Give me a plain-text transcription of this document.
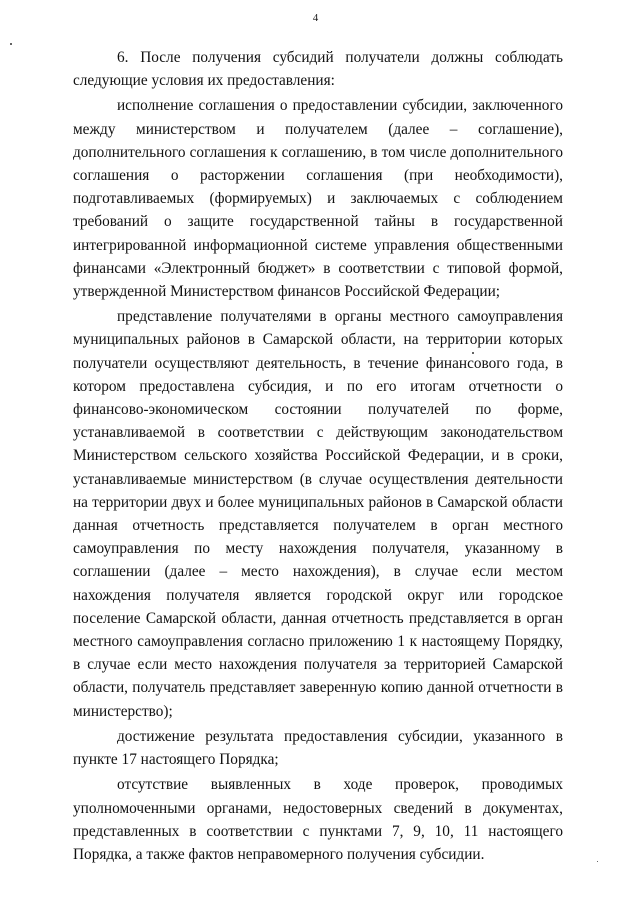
4

6. После получения субсидий получатели должны соблюдать следующие условия их предоставления:

исполнение соглашения о предоставлении субсидии, заключенного между министерством и получателем (далее – соглашение), дополнительного соглашения к соглашению, в том числе дополнительного соглашения о расторжении соглашения (при необходимости), подготавливаемых (формируемых) и заключаемых с соблюдением требований о защите государственной тайны в государственной интегрированной информационной системе управления общественными финансами «Электронный бюджет» в соответствии с типовой формой, утвержденной Министерством финансов Российской Федерации;

представление получателями в органы местного самоуправления муниципальных районов в Самарской области, на территории которых получатели осуществляют деятельность, в течение финансового года, в котором предоставлена субсидия, и по его итогам отчетности о финансово-экономическом состоянии получателей по форме, устанавливаемой в соответствии с действующим законодательством Министерством сельского хозяйства Российской Федерации, и в сроки, устанавливаемые министерством (в случае осуществления деятельности на территории двух и более муниципальных районов в Самарской области данная отчетность представляется получателем в орган местного самоуправления по месту нахождения получателя, указанному в соглашении (далее – место нахождения), в случае если местом нахождения получателя является городской округ или городское поселение Самарской области, данная отчетность представляется в орган местного самоуправления согласно приложению 1 к настоящему Порядку, в случае если место нахождения получателя за территорией Самарской области, получатель представляет заверенную копию данной отчетности в министерство);

достижение результата предоставления субсидии, указанного в пункте 17 настоящего Порядка;

отсутствие выявленных в ходе проверок, проводимых уполномоченными органами, недостоверных сведений в документах, представленных в соответствии с пунктами 7, 9, 10, 11 настоящего Порядка, а также фактов неправомерного получения субсидии.
